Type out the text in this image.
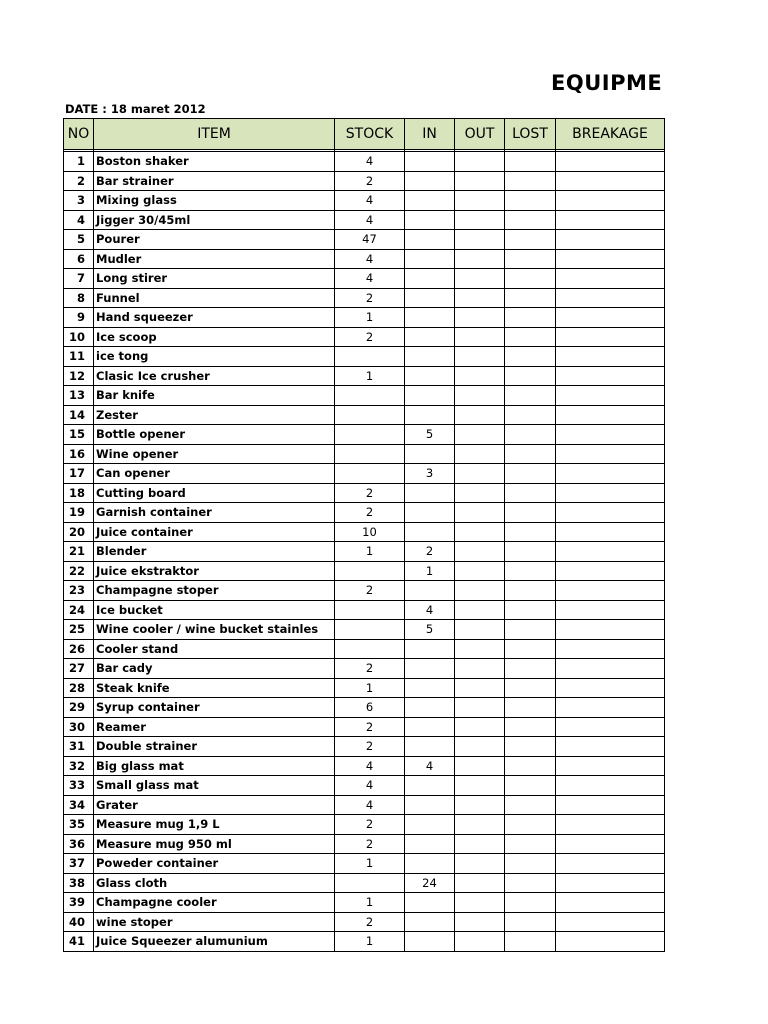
EQUIPME
DATE : 18 maret 2012
NO	ITEM	STOCK	IN	OUT	LOST	BREAKAGE

1	Boston shaker	4				
2	Bar strainer	2				
3	Mixing glass	4				
4	Jigger 30/45ml	4				
5	Pourer	47				
6	Mudler	4				
7	Long stirer	4				
8	Funnel	2				
9	Hand squeezer	1				
10	Ice scoop	2				
11	ice tong					
12	Clasic Ice crusher	1				
13	Bar knife					
14	Zester					
15	Bottle opener		5			
16	Wine opener					
17	Can opener		3			
18	Cutting board	2				
19	Garnish container	2				
20	Juice container	10				
21	Blender	1	2			
22	Juice ekstraktor		1			
23	Champagne stoper	2				
24	Ice bucket		4			
25	Wine cooler / wine bucket stainles		5			
26	Cooler stand					
27	Bar cady	2				
28	Steak knife	1				
29	Syrup container	6				
30	Reamer	2				
31	Double strainer	2				
32	Big glass mat	4	4			
33	Small glass mat	4				
34	Grater	4				
35	Measure mug 1,9 L	2				
36	Measure mug 950 ml	2				
37	Poweder container	1				
38	Glass cloth		24			
39	Champagne cooler	1				
40	wine stoper	2				
41	Juice Squeezer alumunium	1				
